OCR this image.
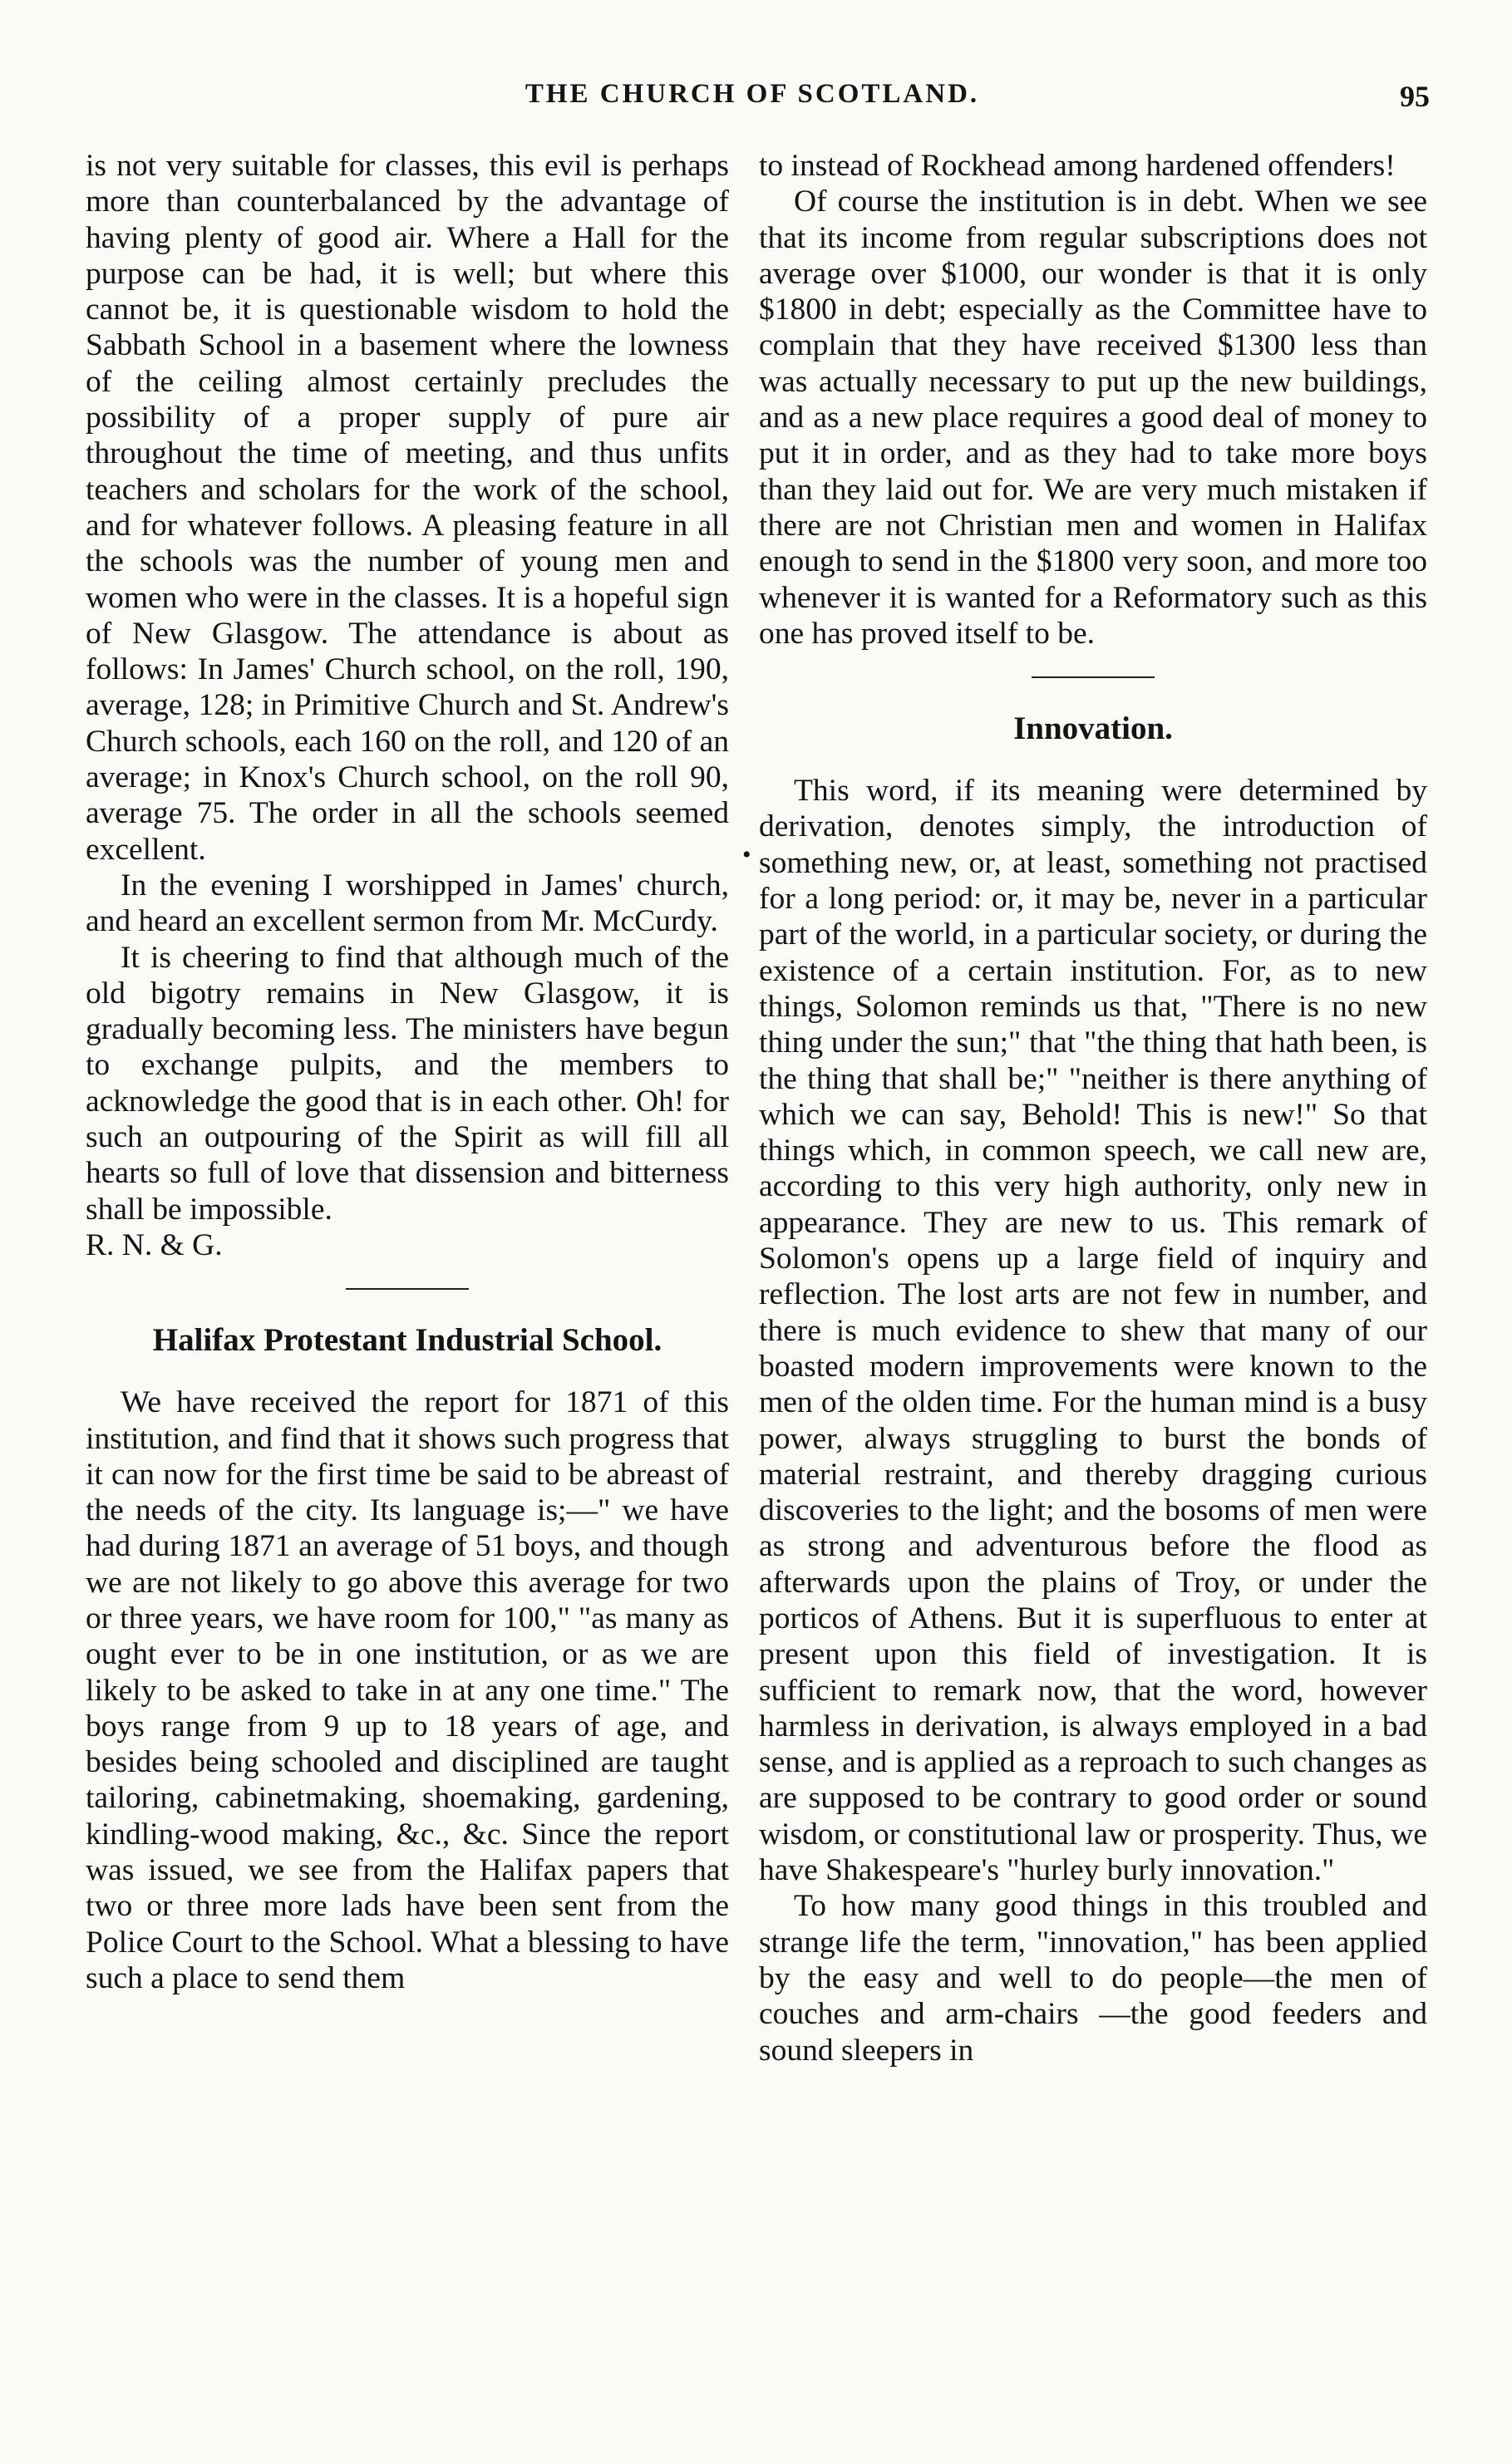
THE CHURCH OF SCOTLAND.	95

is not very suitable for classes, this evil is perhaps more than counterbalanced by the advantage of having plenty of good air. Where a Hall for the purpose can be had, it is well; but where this cannot be, it is questionable wisdom to hold the Sabbath School in a basement where the lowness of the ceiling almost certainly precludes the possibility of a proper supply of pure air throughout the time of meeting, and thus unfits teachers and scholars for the work of the school, and for whatever follows. A pleasing feature in all the schools was the number of young men and women who were in the classes. It is a hopeful sign of New Glasgow. The attendance is about as follows: In James' Church school, on the roll, 190, average, 128; in Primitive Church and St. Andrew's Church schools, each 160 on the roll, and 120 of an average; in Knox's Church school, on the roll 90, average 75. The order in all the schools seemed excellent.

In the evening I worshipped in James' church, and heard an excellent sermon from Mr. McCurdy.

It is cheering to find that although much of the old bigotry remains in New Glasgow, it is gradually becoming less. The ministers have begun to exchange pulpits, and the members to acknowledge the good that is in each other. Oh! for such an outpouring of the Spirit as will fill all hearts so full of love that dissension and bitterness shall be impossible.

R. N. & G.

Halifax Protestant Industrial School.

We have received the report for 1871 of this institution, and find that it shows such progress that it can now for the first time be said to be abreast of the needs of the city. Its language is;—" we have had during 1871 an average of 51 boys, and though we are not likely to go above this average for two or three years, we have room for 100," "as many as ought ever to be in one institution, or as we are likely to be asked to take in at any one time." The boys range from 9 up to 18 years of age, and besides being schooled and disciplined are taught tailoring, cabinetmaking, shoemaking, gardening, kindling-wood making, &c., &c. Since the report was issued, we see from the Halifax papers that two or three more lads have been sent from the Police Court to the School. What a blessing to have such a place to send them

•

to instead of Rockhead among hardened offenders!

Of course the institution is in debt. When we see that its income from regular subscriptions does not average over $1000, our wonder is that it is only $1800 in debt; especially as the Committee have to complain that they have received $1300 less than was actually necessary to put up the new buildings, and as a new place requires a good deal of money to put it in order, and as they had to take more boys than they laid out for. We are very much mistaken if there are not Christian men and women in Halifax enough to send in the $1800 very soon, and more too whenever it is wanted for a Reformatory such as this one has proved itself to be.

Innovation.

This word, if its meaning were determined by derivation, denotes simply, the introduction of something new, or, at least, something not practised for a long period: or, it may be, never in a particular part of the world, in a particular society, or during the existence of a certain institution. For, as to new things, Solomon reminds us that, "There is no new thing under the sun;" that "the thing that hath been, is the thing that shall be;" "neither is there anything of which we can say, Behold! This is new!" So that things which, in common speech, we call new are, according to this very high authority, only new in appearance. They are new to us. This remark of Solomon's opens up a large field of inquiry and reflection. The lost arts are not few in number, and there is much evidence to shew that many of our boasted modern improvements were known to the men of the olden time. For the human mind is a busy power, always struggling to burst the bonds of material restraint, and thereby dragging curious discoveries to the light; and the bosoms of men were as strong and adventurous before the flood as afterwards upon the plains of Troy, or under the porticos of Athens. But it is superfluous to enter at present upon this field of investigation. It is sufficient to remark now, that the word, however harmless in derivation, is always employed in a bad sense, and is applied as a reproach to such changes as are supposed to be contrary to good order or sound wisdom, or constitutional law or prosperity. Thus, we have Shakespeare's "hurley burly innovation."

To how many good things in this troubled and strange life the term, "innovation," has been applied by the easy and well to do people—the men of couches and arm-chairs —the good feeders and sound sleepers in
